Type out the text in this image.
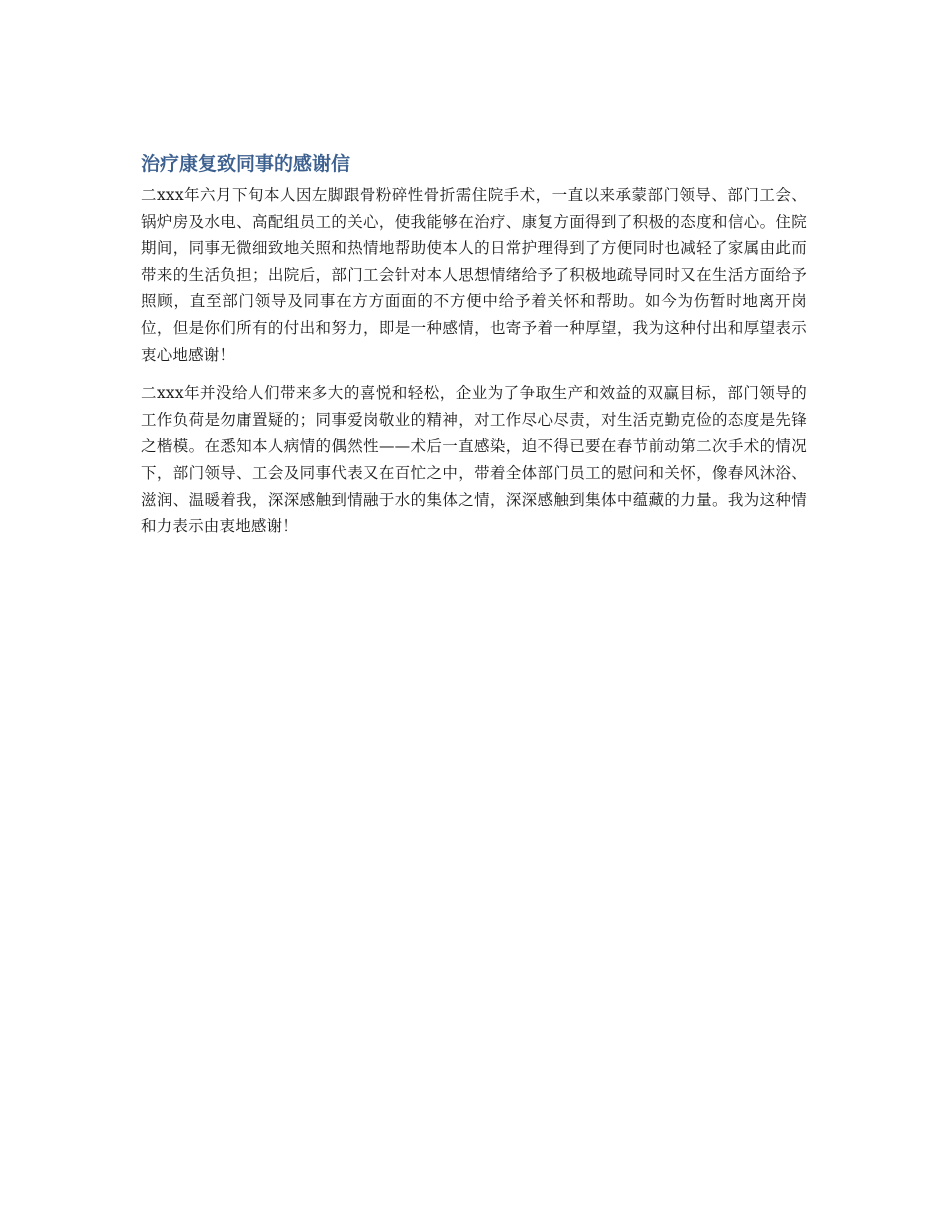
治疗康复致同事的感谢信

二xxx年六月下旬本人因左脚跟骨粉碎性骨折需住院手术，一直以来承蒙部门领导、部门工会、锅炉房及水电、高配组员工的关心，使我能够在治疗、康复方面得到了积极的态度和信心。住院期间，同事无微细致地关照和热情地帮助使本人的日常护理得到了方便同时也减轻了家属由此而带来的生活负担；出院后，部门工会针对本人思想情绪给予了积极地疏导同时又在生活方面给予照顾，直至部门领导及同事在方方面面的不方便中给予着关怀和帮助。如今为伤暂时地离开岗位，但是你们所有的付出和努力，即是一种感情，也寄予着一种厚望，我为这种付出和厚望表示衷心地感谢！

二xxx年并没给人们带来多大的喜悦和轻松，企业为了争取生产和效益的双赢目标，部门领导的工作负荷是勿庸置疑的；同事爱岗敬业的精神，对工作尽心尽责，对生活克勤克俭的态度是先锋之楷模。在悉知本人病情的偶然性——术后一直感染，迫不得已要在春节前动第二次手术的情况下，部门领导、工会及同事代表又在百忙之中，带着全体部门员工的慰问和关怀，像春风沐浴、滋润、温暖着我，深深感触到情融于水的集体之情，深深感触到集体中蕴藏的力量。我为这种情和力表示由衷地感谢！
